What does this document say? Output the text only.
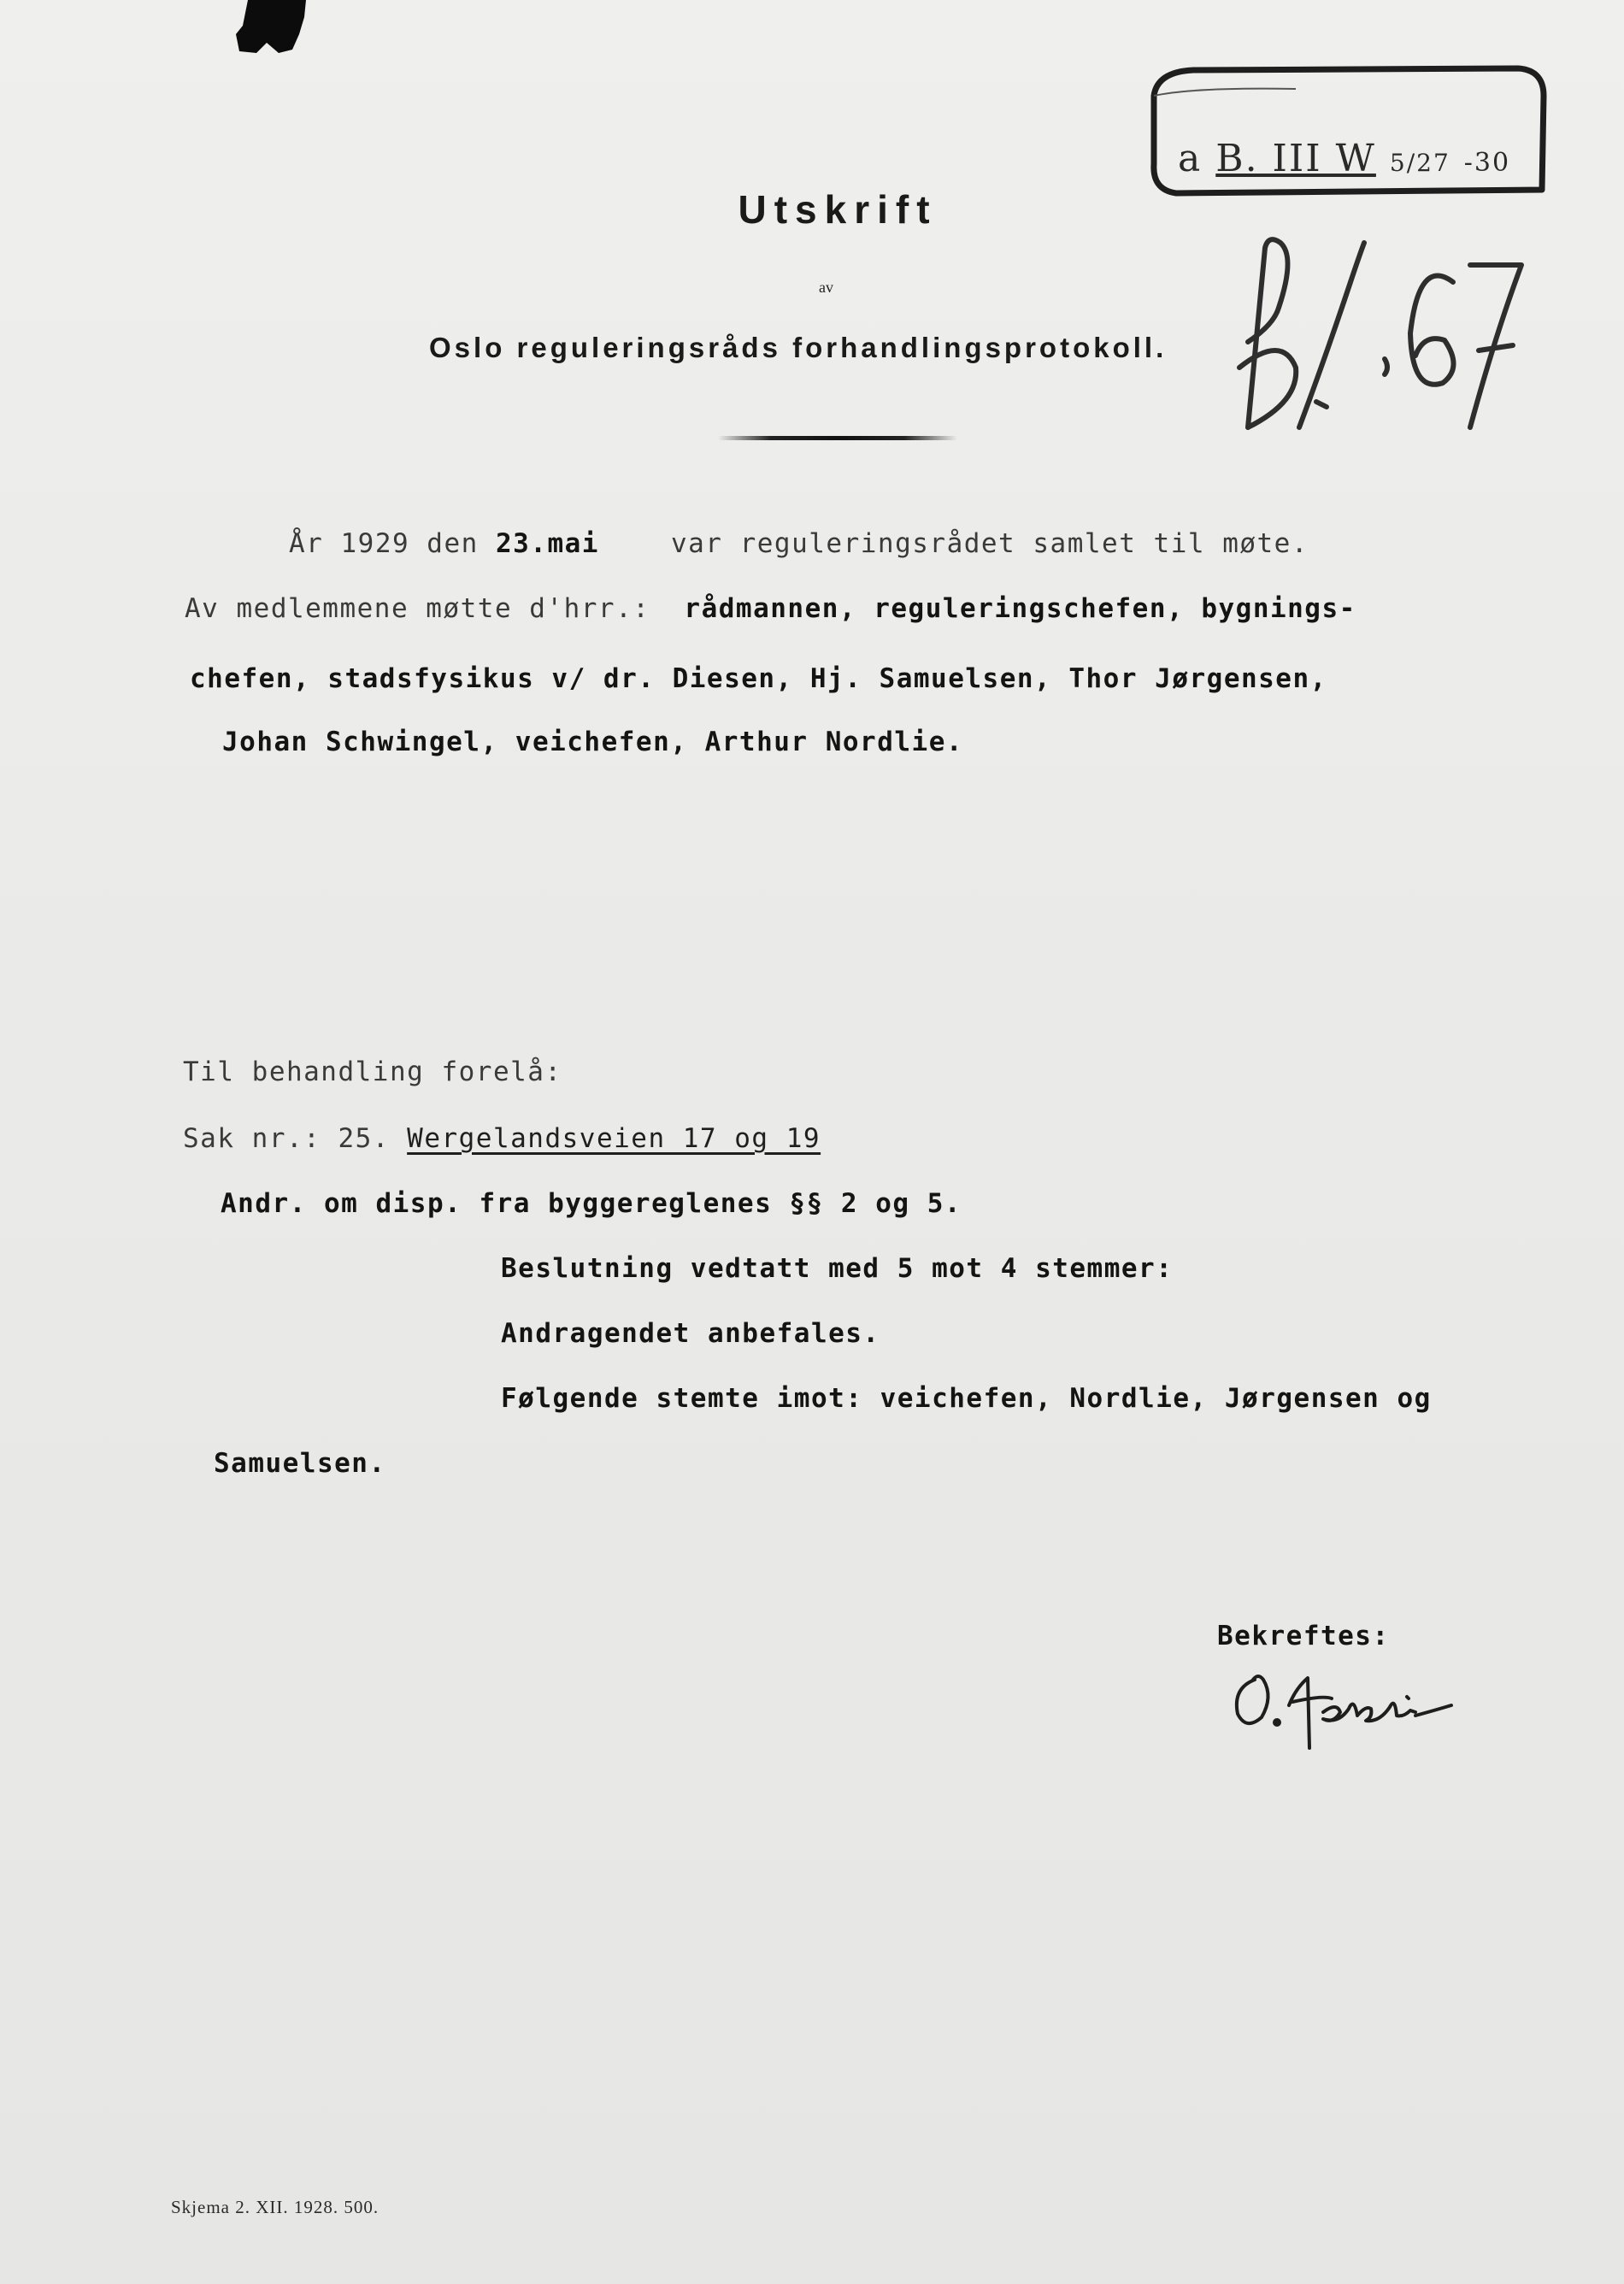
a B. III W 5/27 -30
Utskrift
av
Oslo reguleringsråds forhandlingsprotokoll.
År 1929 den 23.mai	var reguleringsrådet samlet til møte.
Av medlemmene møtte d'hrr.: rådmannen, reguleringschefen, bygnings-
chefen, stadsfysikus v/ dr. Diesen, Hj. Samuelsen, Thor Jørgensen,
Johan Schwingel, veichefen, Arthur Nordlie.
Til behandling forelå:
Sak nr.: 25. Wergelandsveien 17 og 19
Andr. om disp. fra byggereglenes §§ 2 og 5.
Beslutning vedtatt med 5 mot 4 stemmer:
Andragendet anbefales.
Følgende stemte imot: veichefen, Nordlie, Jørgensen og
Samuelsen.
Bekreftes:
Skjema 2. XII. 1928. 500.
